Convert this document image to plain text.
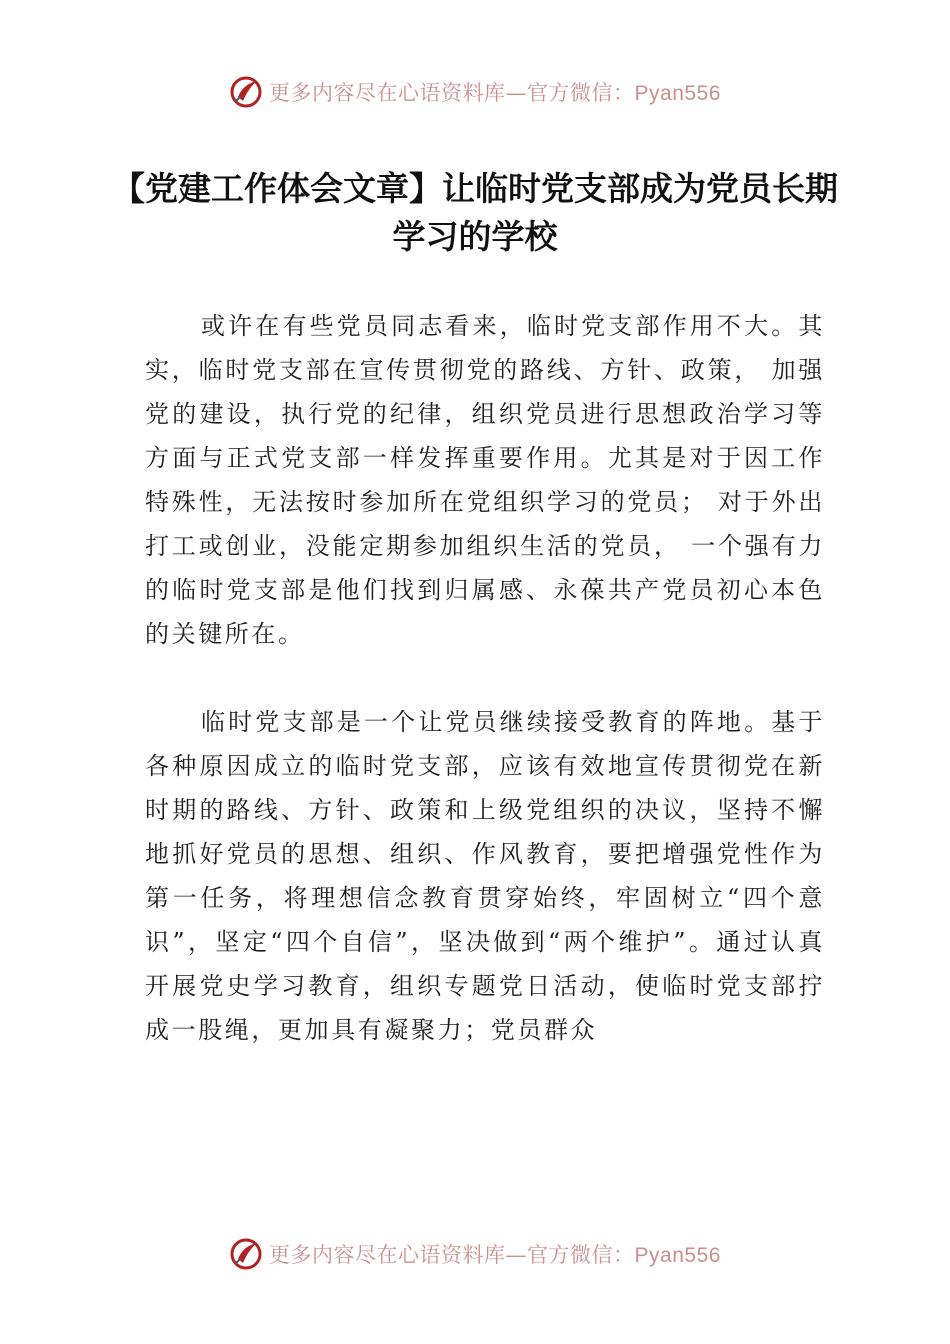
更多内容尽在心语资料库—官方微信：Pyan556
【党建工作体会文章】让临时党支部成为党员长期学习的学校

或许在有些党员同志看来，临时党支部作用不大。其实，临时党支部在宣传贯彻党的路线、方针、政策， 加强党的建设，执行党的纪律，组织党员进行思想政治学习等方面与正式党支部一样发挥重要作用。尤其是对于因工作特殊性，无法按时参加所在党组织学习的党员； 对于外出打工或创业，没能定期参加组织生活的党员， 一个强有力的临时党支部是他们找到归属感、永葆共产党员初心本色的关键所在。

临时党支部是一个让党员继续接受教育的阵地。基于各种原因成立的临时党支部，应该有效地宣传贯彻党在新时期的路线、方针、政策和上级党组织的决议，坚持不懈地抓好党员的思想、组织、作风教育，要把增强党性作为第一任务，将理想信念教育贯穿始终，牢固树立“四个意识”，坚定“四个自信”，坚决做到“两个维护”。通过认真开展党史学习教育，组织专题党日活动，使临时党支部拧成一股绳，更加具有凝聚力；党员群众

更多内容尽在心语资料库—官方微信：Pyan556
